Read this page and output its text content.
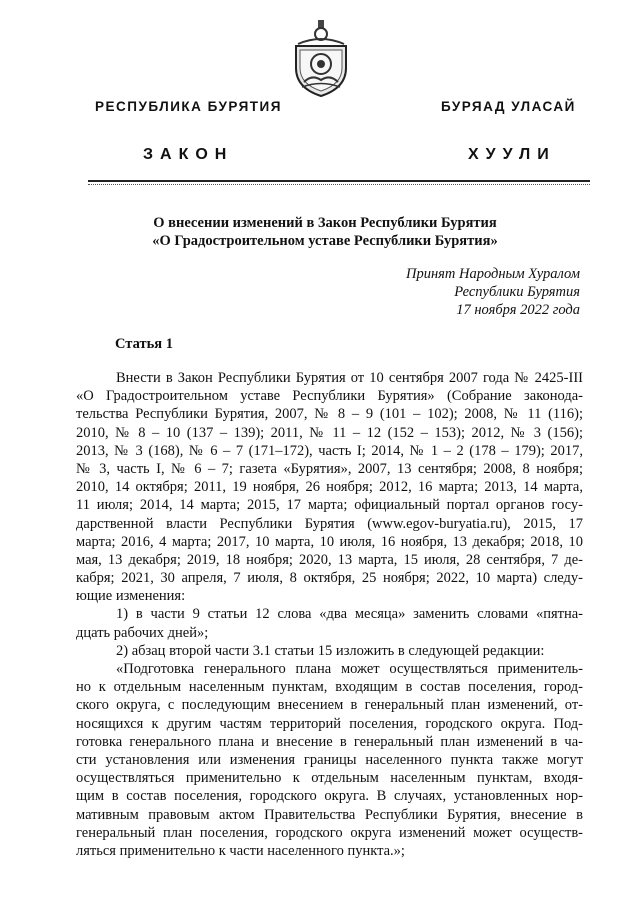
РЕСПУБЛИКА БУРЯТИЯ	БУРЯАД УЛАСАЙ
ЗАКОН	ХУУЛИ
О внесении изменений в Закон Республики Бурятия
«О Градостроительном уставе Республики Бурятия»
Принят Народным Хуралом
Республики Бурятия
17 ноября 2022 года
Статья 1
Внести в Закон Республики Бурятия от 10 сентября 2007 года № 2425-III
«О Градостроительном уставе Республики Бурятия» (Собрание законода-
тельства Республики Бурятия, 2007, № 8 – 9 (101 – 102); 2008, № 11 (116);
2010, № 8 – 10 (137 – 139); 2011, № 11 – 12 (152 – 153); 2012, № 3 (156);
2013, № 3 (168), № 6 – 7 (171–172), часть I; 2014, № 1 – 2 (178 – 179); 2017,
№ 3, часть I, № 6 – 7; газета «Бурятия», 2007, 13 сентября; 2008, 8 ноября;
2010, 14 октября; 2011, 19 ноября, 26 ноября; 2012, 16 марта; 2013, 14 марта,
11 июля; 2014, 14 марта; 2015, 17 марта; официальный портал органов госу-
дарственной власти Республики Бурятия (www.egov-buryatia.ru), 2015, 17
марта; 2016, 4 марта; 2017, 10 марта, 10 июля, 16 ноября, 13 декабря; 2018, 10
мая, 13 декабря; 2019, 18 ноября; 2020, 13 марта, 15 июля, 28 сентября, 7 де-
кабря; 2021, 30 апреля, 7 июля, 8 октября, 25 ноября; 2022, 10 марта) следу-
ющие изменения:
1) в части 9 статьи 12 слова «два месяца» заменить словами «пятна-
дцать рабочих дней»;
2) абзац второй части 3.1 статьи 15 изложить в следующей редакции:
«Подготовка генерального плана может осуществляться применитель-
но к отдельным населенным пунктам, входящим в состав поселения, город-
ского округа, с последующим внесением в генеральный план изменений, от-
носящихся к другим частям территорий поселения, городского округа. Под-
готовка генерального плана и внесение в генеральный план изменений в ча-
сти установления или изменения границы населенного пункта также могут
осуществляться применительно к отдельным населенным пунктам, входя-
щим в состав поселения, городского округа. В случаях, установленных нор-
мативным правовым актом Правительства Республики Бурятия, внесение в
генеральный план поселения, городского округа изменений может осуществ-
ляться применительно к части населенного пункта.»;
